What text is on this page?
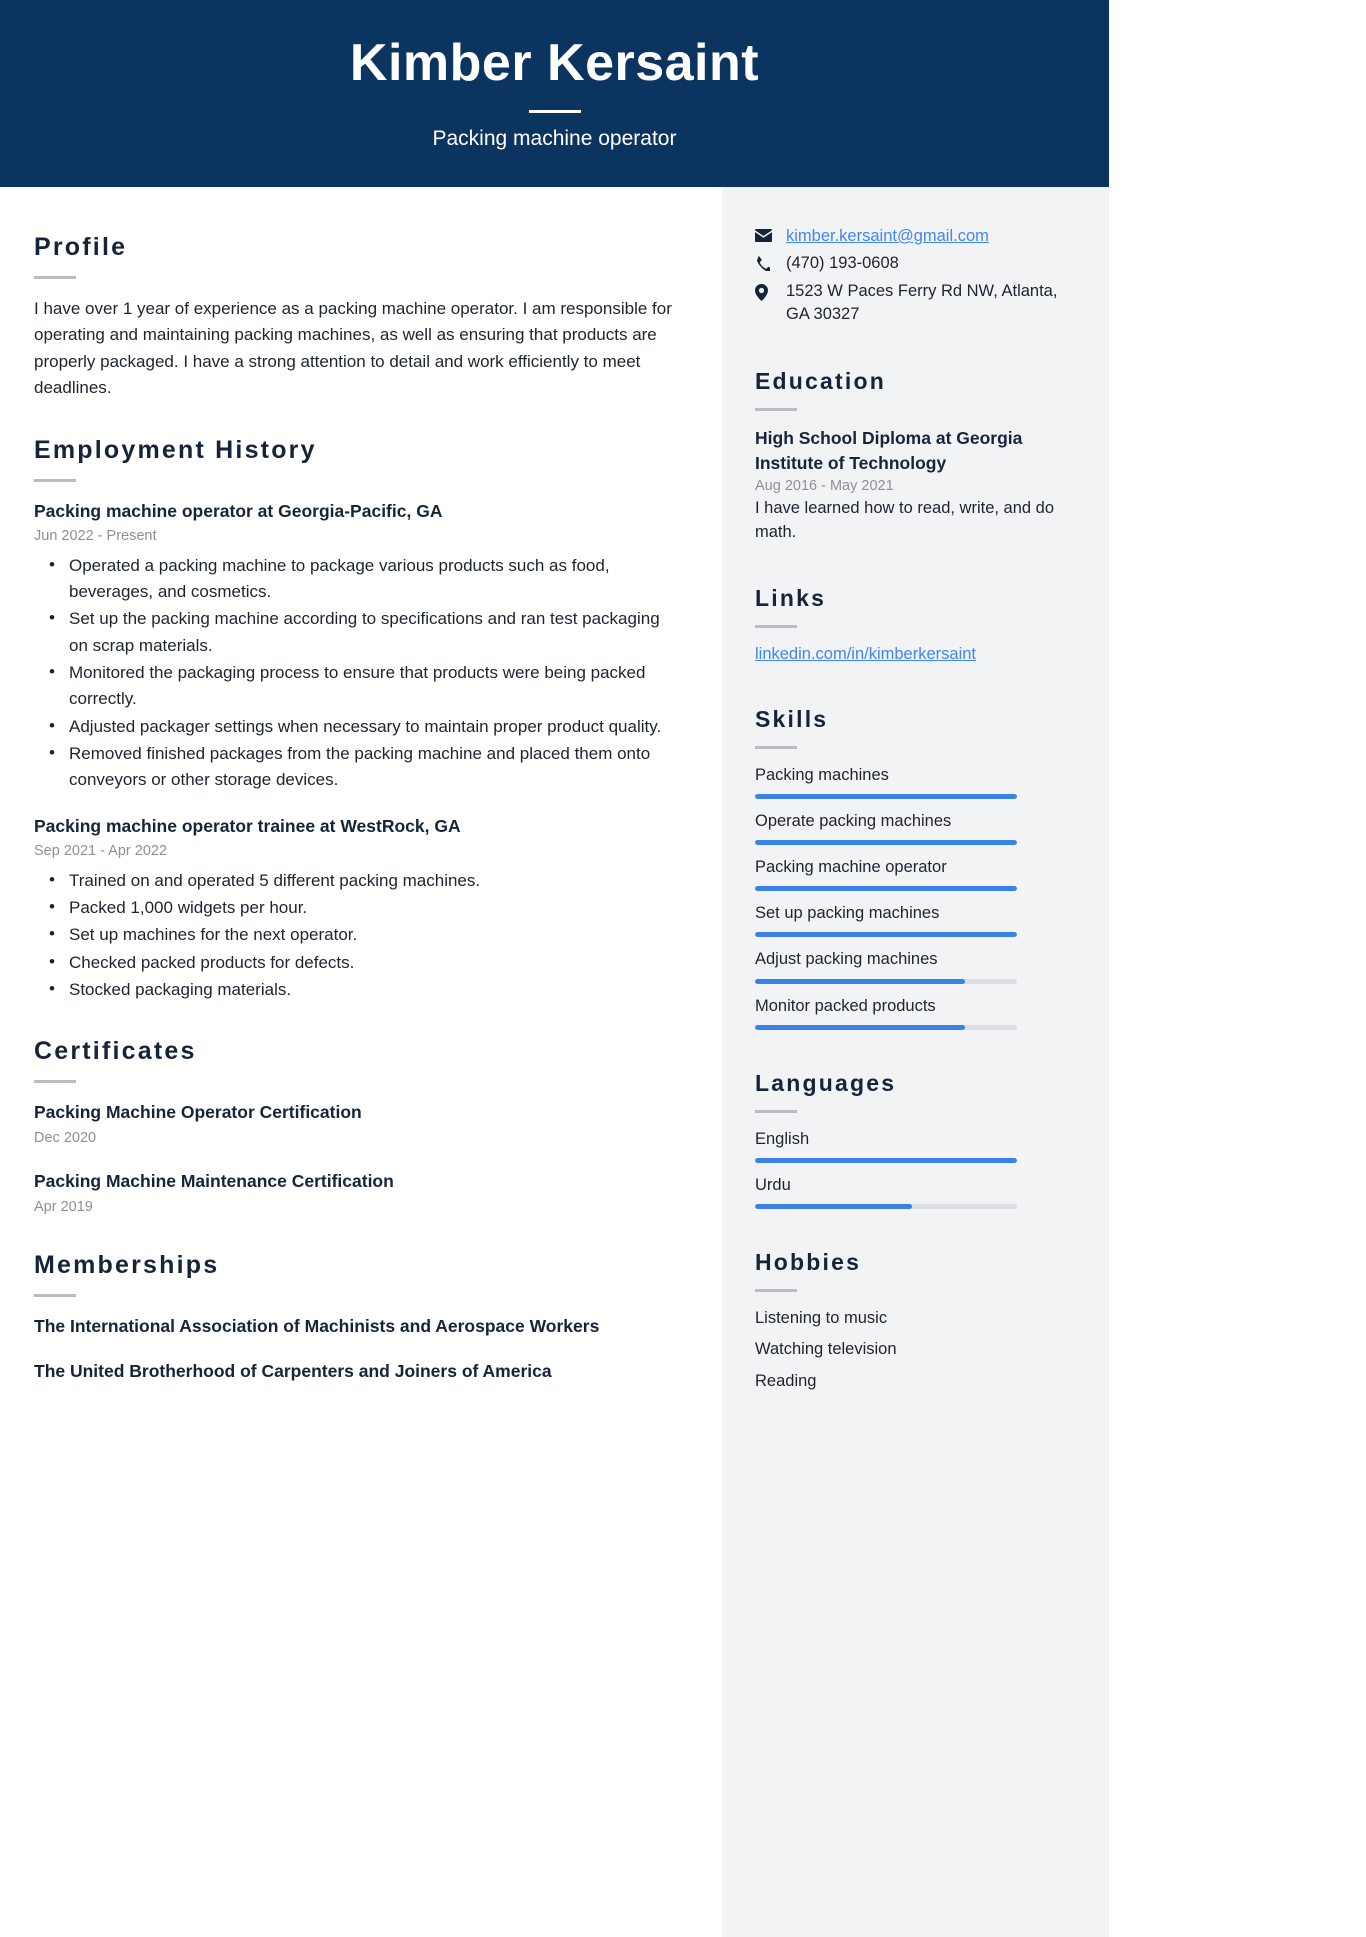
Kimber Kersaint
Packing machine operator
Profile
I have over 1 year of experience as a packing machine operator. I am responsible for operating and maintaining packing machines, as well as ensuring that products are properly packaged. I have a strong attention to detail and work efficiently to meet deadlines.
Employment History
Packing machine operator at Georgia-Pacific, GA
Jun 2022 - Present
• Operated a packing machine to package various products such as food, beverages, and cosmetics.
• Set up the packing machine according to specifications and ran test packaging on scrap materials.
• Monitored the packaging process to ensure that products were being packed correctly.
• Adjusted packager settings when necessary to maintain proper product quality.
• Removed finished packages from the packing machine and placed them onto conveyors or other storage devices.
Packing machine operator trainee at WestRock, GA
Sep 2021 - Apr 2022
• Trained on and operated 5 different packing machines.
• Packed 1,000 widgets per hour.
• Set up machines for the next operator.
• Checked packed products for defects.
• Stocked packaging materials.
Certificates
Packing Machine Operator Certification
Dec 2020
Packing Machine Maintenance Certification
Apr 2019
Memberships
The International Association of Machinists and Aerospace Workers
The United Brotherhood of Carpenters and Joiners of America
kimber.kersaint@gmail.com
(470) 193-0608
1523 W Paces Ferry Rd NW, Atlanta, GA 30327
Education
High School Diploma at Georgia Institute of Technology
Aug 2016 - May 2021
I have learned how to read, write, and do math.
Links
linkedin.com/in/kimberkersaint
Skills
Packing machines
Operate packing machines
Packing machine operator
Set up packing machines
Adjust packing machines
Monitor packed products
Languages
English
Urdu
Hobbies
Listening to music
Watching television
Reading
